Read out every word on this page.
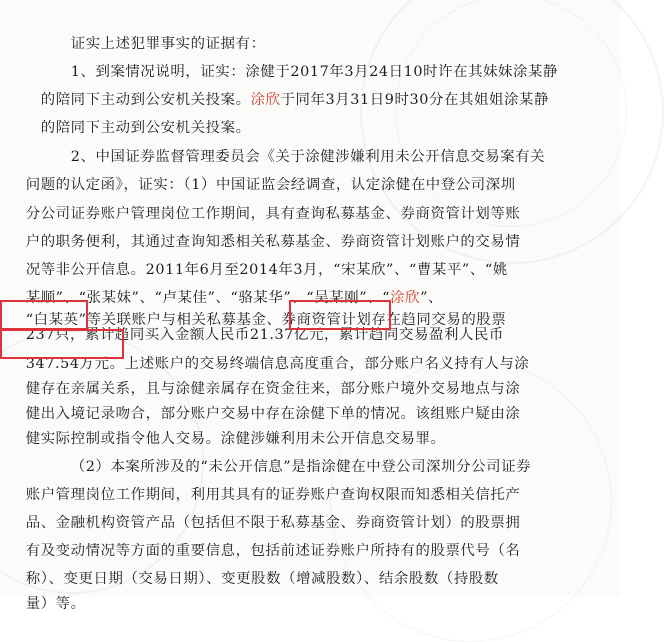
证实上述犯罪事实的证据有：

1、到案情况说明，证实：涂健于2017年3月24日10时许在其妹妹涂某静

的陪同下主动到公安机关投案。涂欣于同年3月31日9时30分在其姐姐涂某静

的陪同下主动到公安机关投案。

2、中国证券监督管理委员会《关于涂健涉嫌利用未公开信息交易案有关

问题的认定函》，证实：（1）中国证监会经调查，认定涂健在中登公司深圳

分公司证券账户管理岗位工作期间，具有查询私募基金、券商资管计划等账

户的职务便利，其通过查询知悉相关私募基金、券商资管计划账户的交易情

况等非公开信息。2011年6月至2014年3月，“宋某欣”、“曹某平”、“姚

某顺”、“张某妹”、“卢某佳”、“骆某华”、“吴某刚”、“涂欣”、

“白某英”等关联账户与相关私募基金、券商资管计划存在趋同交易的股票

237只，累计趋同买入金额人民币21.37亿元，累计趋同交易盈利人民币

347.54万元。上述账户的交易终端信息高度重合，部分账户名义持有人与涂

健存在亲属关系，且与涂健亲属存在资金往来，部分账户境外交易地点与涂

健出入境记录吻合，部分账户交易中存在涂健下单的情况。该组账户疑由涂

健实际控制或指令他人交易。涂健涉嫌利用未公开信息交易罪。

（2）本案所涉及的“未公开信息”是指涂健在中登公司深圳分公司证券

账户管理岗位工作期间，利用其具有的证券账户查询权限而知悉相关信托产

品、金融机构资管产品（包括但不限于私募基金、券商资管计划）的股票拥

有及变动情况等方面的重要信息，包括前述证券账户所持有的股票代号（名

称）、变更日期（交易日期）、变更股数（增减股数）、结余股数（持股数

量）等。
